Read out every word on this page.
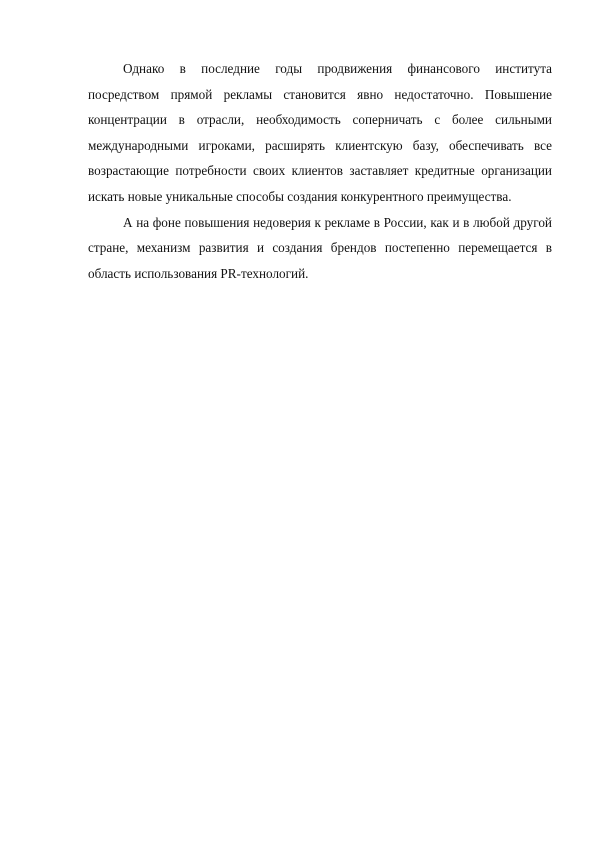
Однако в последние годы продвижения финансового института посредством прямой рекламы становится явно недостаточно. Повышение концентрации в отрасли, необходимость соперничать с более сильными международными игроками, расширять клиентскую базу, обеспечивать все возрастающие потребности своих клиентов заставляет кредитные организации искать новые уникальные способы создания конкурентного преимущества.

А на фоне повышения недоверия к рекламе в России, как и в любой другой стране, механизм развития и создания брендов постепенно перемещается в область использования PR-технологий.
